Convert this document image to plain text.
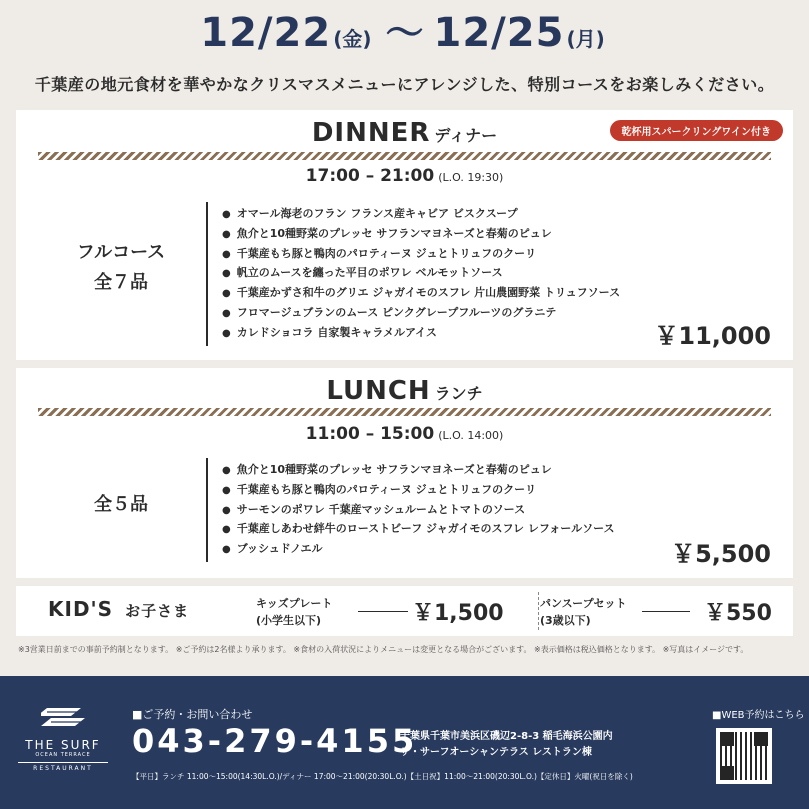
12/22 (金) 〜 12/25 (月)
千葉産の地元食材を華やかなクリスマスメニューにアレンジした、特別コースをお楽しみください。
DINNER ディナー	乾杯用スパークリングワイン付き
17:00 – 21:00 (L.O. 19:30)
フルコース
全７品
● オマール海老のフラン フランス産キャビア ビスクスープ
● 魚介と10種野菜のプレッセ サフランマヨネーズと春菊のピュレ
● 千葉産もち豚と鴨肉のパロティーヌ ジュとトリュフのクーリ
● 帆立のムースを纏った平目のポワレ ベルモットソース
● 千葉産かずさ和牛のグリエ ジャガイモのスフレ 片山農園野菜 トリュフソース
● フロマージュブランのムース ピンクグレープフルーツのグラニテ
● カレドショコラ 自家製キャラメルアイス	￥11,000
LUNCH ランチ
11:00 – 15:00 (L.O. 14:00)
全５品
● 魚介と10種野菜のプレッセ サフランマヨネーズと春菊のピュレ
● 千葉産もち豚と鴨肉のパロティーヌ ジュとトリュフのクーリ
● サーモンのポワレ 千葉産マッシュルームとトマトのソース
● 千葉産しあわせ絆牛のローストビーフ ジャガイモのスフレ レフォールソース
● ブッシュドノエル	￥5,500
KID'S お子さま	キッズプレート
(小学生以下)	￥1,500	パンスープセット
(3歳以下)	￥550
※3営業日前までの事前予約制となります。 ※ご予約は2名様より承ります。 ※食材の入荷状況によりメニューは変更となる場合がございます。 ※表示価格は税込価格となります。 ※写真はイメージです。
THE SURF
OCEAN TERRACE
RESTAURANT
■ご予約・お問い合わせ
043-279-4155
千葉県千葉市美浜区磯辺2-8-3 稲毛海浜公園内
ザ・サーフオーシャンテラス レストラン棟
【平日】ランチ 11:00〜15:00(14:30L.O.)/ディナー 17:00〜21:00(20:30L.O.)【土日祝】11:00〜21:00(20:30L.O.)【定休日】火曜(祝日を除く)
■WEB予約はこちら
